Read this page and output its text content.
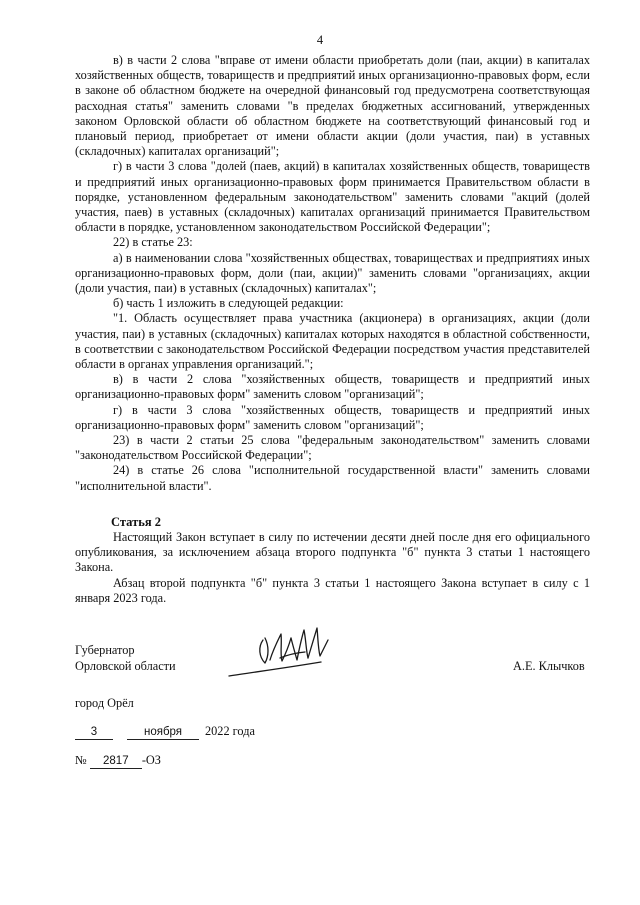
4

в) в части 2 слова "вправе от имени области приобретать доли (паи, акции) в капиталах хозяйственных обществ, товариществ и предприятий иных организационно-правовых форм, если в законе об областном бюджете на очередной финансовый год предусмотрена соответствующая расходная статья" заменить словами "в пределах бюджетных ассигнований, утвержденных законом Орловской области об областном бюджете на соответствующий финансовый год и плановый период, приобретает от имени области акции (доли участия, паи) в уставных (складочных) капиталах организаций";

г) в части 3 слова "долей (паев, акций) в капиталах хозяйственных обществ, товариществ и предприятий иных организационно-правовых форм принимается Правительством области в порядке, установленном федеральным законодательством" заменить словами "акций (долей участия, паев) в уставных (складочных) капиталах организаций принимается Правительством области в порядке, установленном законодательством Российской Федерации";

22) в статье 23:

а) в наименовании слова "хозяйственных обществах, товариществах и предприятиях иных организационно-правовых форм, доли (паи, акции)" заменить словами "организациях, акции (доли участия, паи) в уставных (складочных) капиталах";

б) часть 1 изложить в следующей редакции:

"1. Область осуществляет права участника (акционера) в организациях, акции (доли участия, паи) в уставных (складочных) капиталах которых находятся в областной собственности, в соответствии с законодательством Российской Федерации посредством участия представителей области в органах управления организаций.";

в) в части 2 слова "хозяйственных обществ, товариществ и предприятий иных организационно-правовых форм" заменить словом "организаций";

г) в части 3 слова "хозяйственных обществ, товариществ и предприятий иных организационно-правовых форм" заменить словом "организаций";

23) в части 2 статьи 25 слова "федеральным законодательством" заменить словами "законодательством Российской Федерации";

24) в статье 26 слова "исполнительной государственной власти" заменить словами "исполнительной власти".

Статья 2

Настоящий Закон вступает в силу по истечении десяти дней после дня его официального опубликования, за исключением абзаца второго подпункта "б" пункта 3 статьи 1 настоящего Закона.

Абзац второй подпункта "б" пункта 3 статьи 1 настоящего Закона вступает в силу с 1 января 2023 года.

Губернатор
Орловской области	А.Е. Клычков
город Орёл
3	ноября 2022 года
№ 2817 -ОЗ
